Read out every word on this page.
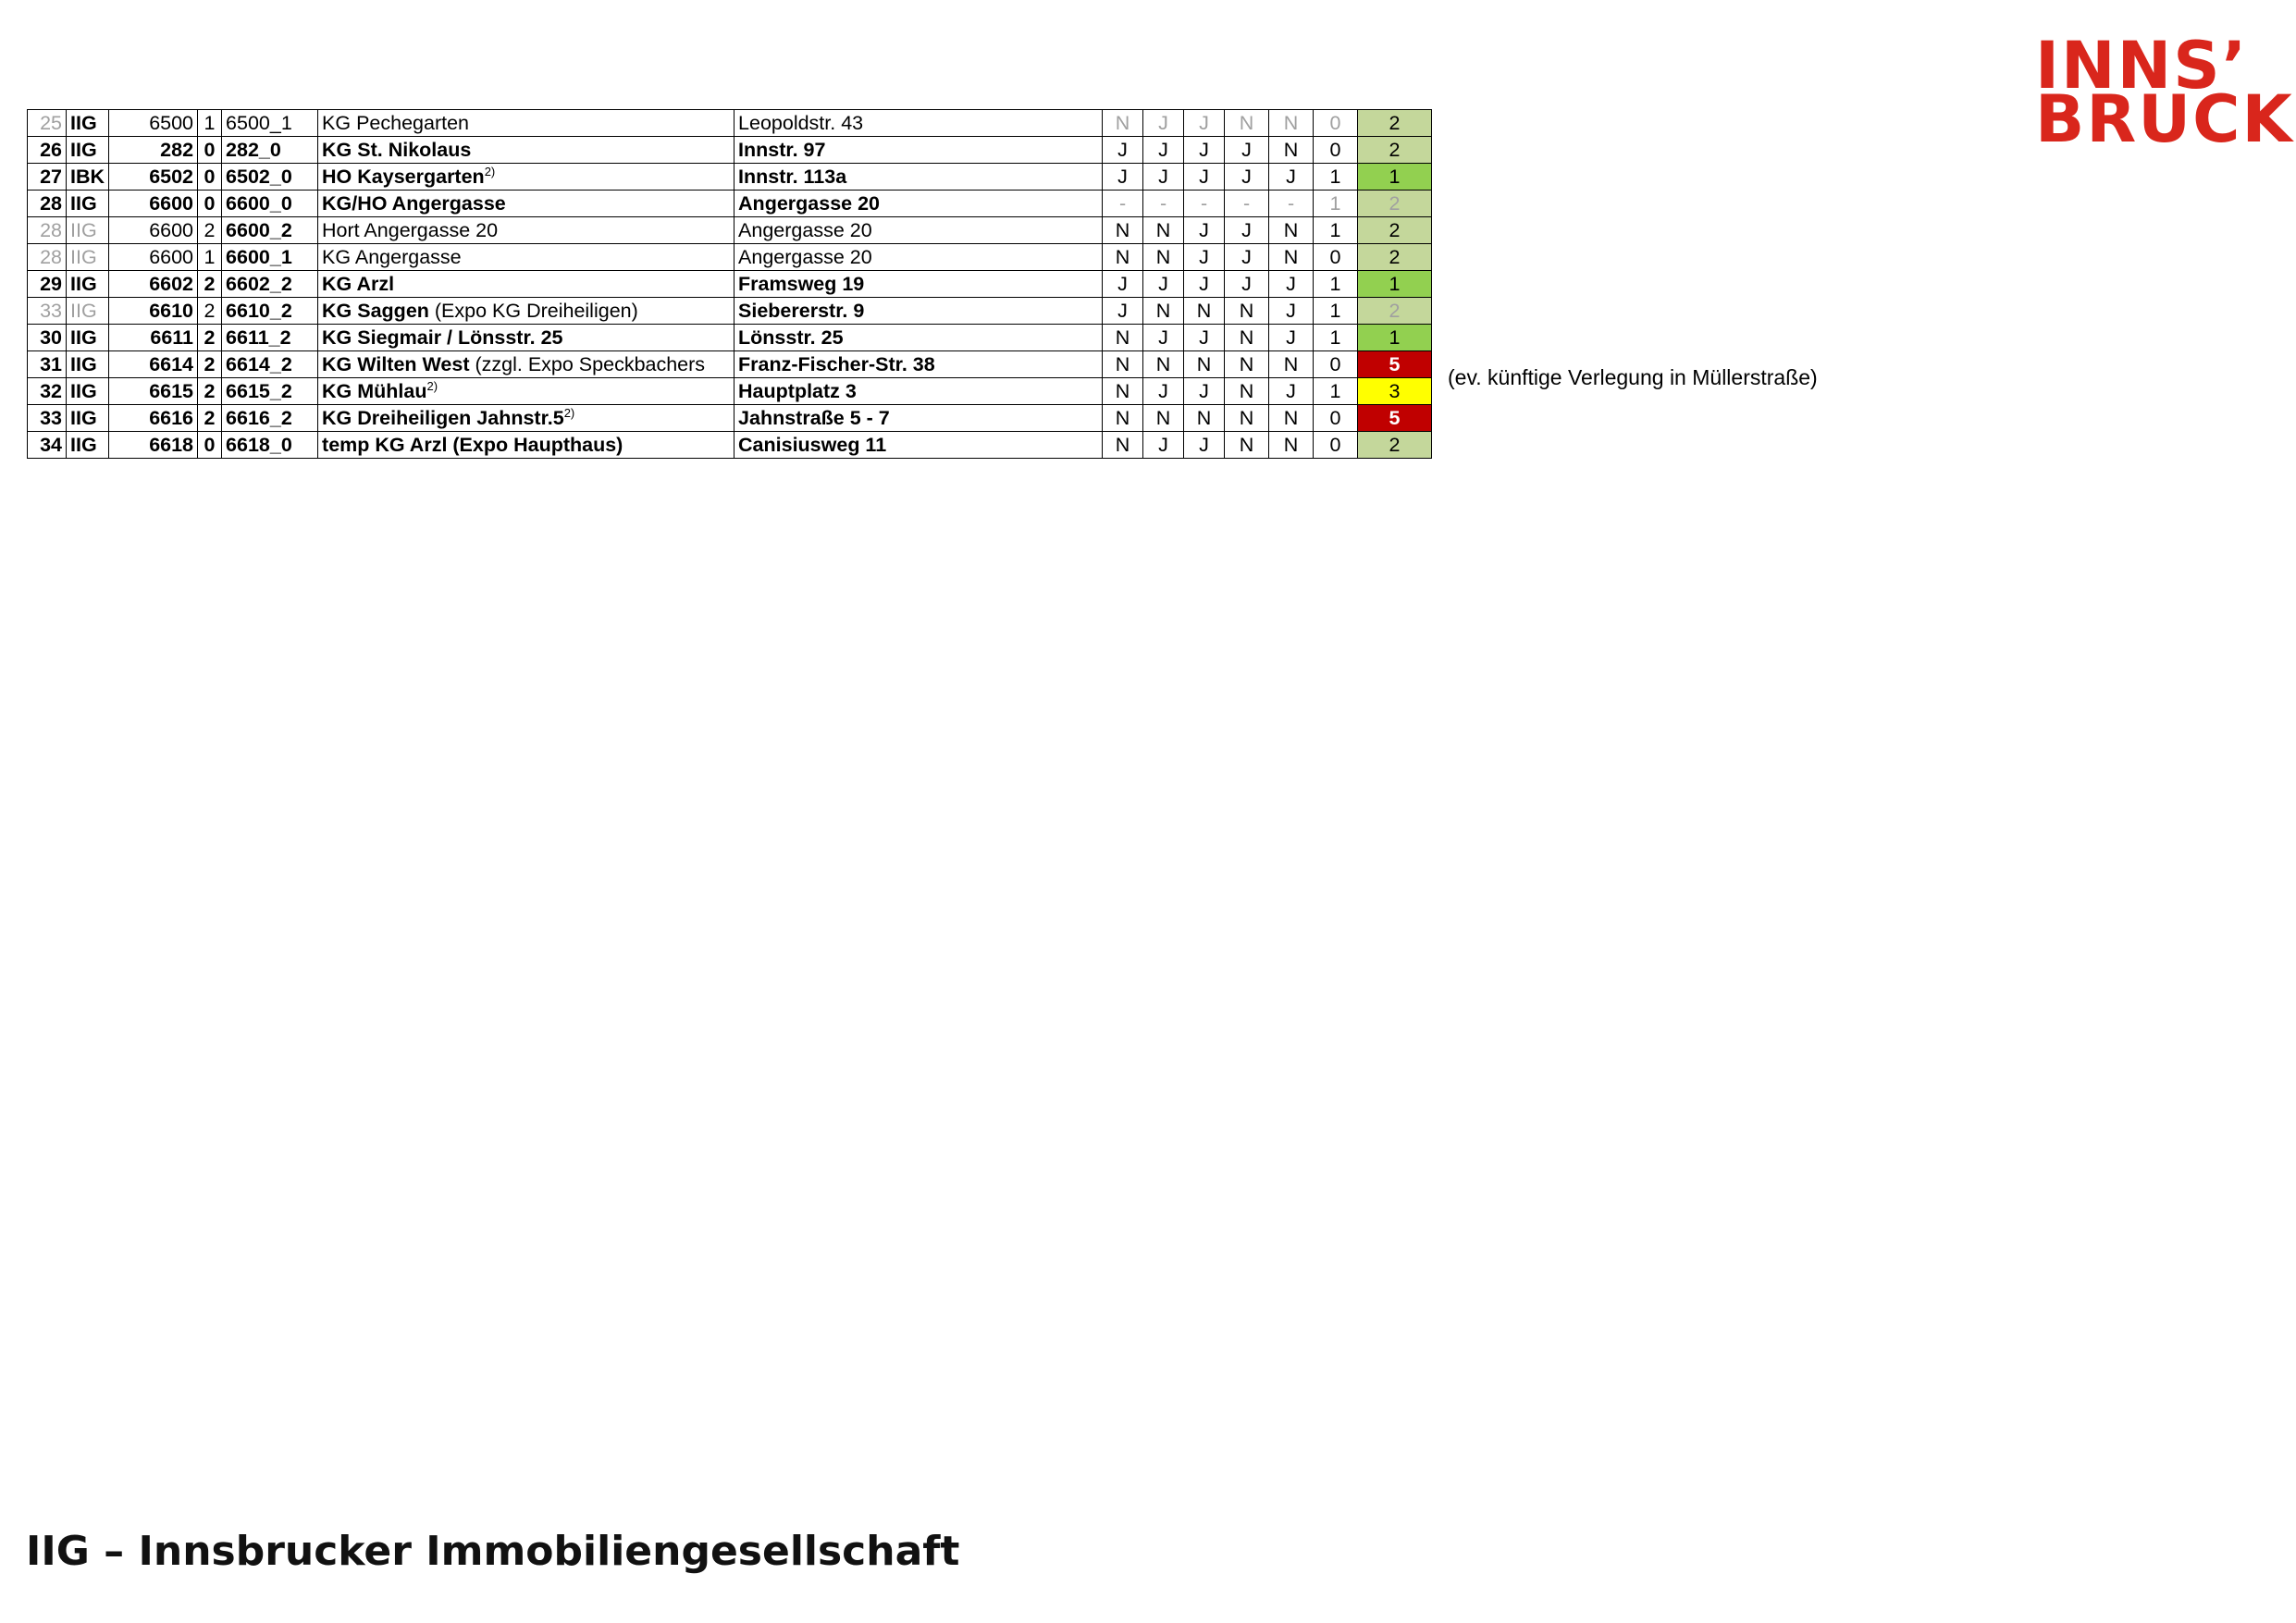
INNS’
BRUCK
25	IIG	6500	1	6500_1	KG Pechegarten	Leopoldstr. 43	N	J	J	N	N	0	2
26	IIG	282	0	282_0	KG St. Nikolaus	Innstr. 97	J	J	J	J	N	0	2
27	IBK	6502	0	6502_0	HO Kaysergarten$^{2)}$	Innstr. 113a	J	J	J	J	J	1	1
28	IIG	6600	0	6600_0	KG/HO Angergasse	Angergasse 20	-	-	-	-	-	1	2
28	IIG	6600	2	6600_2	Hort Angergasse 20	Angergasse 20	N	N	J	J	N	1	2
28	IIG	6600	1	6600_1	KG Angergasse	Angergasse 20	N	N	J	J	N	0	2
29	IIG	6602	2	6602_2	KG Arzl	Framsweg 19	J	J	J	J	J	1	1
33	IIG	6610	2	6610_2	KG Saggen (Expo KG Dreiheiligen)	Siebererstr. 9	J	N	N	N	J	1	2
30	IIG	6611	2	6611_2	KG Siegmair / Lönsstr. 25	Lönsstr. 25	N	J	J	N	J	1	1
31	IIG	6614	2	6614_2	KG Wilten West (zzgl. Expo Speckbachers	Franz-Fischer-Str. 38	N	N	N	N	N	0	5
32	IIG	6615	2	6615_2	KG Mühlau$^{2)}$	Hauptplatz 3	N	J	J	N	J	1	3
33	IIG	6616	2	6616_2	KG Dreiheiligen Jahnstr.5$^{2)}$	Jahnstraße 5 - 7	N	N	N	N	N	0	5
34	IIG	6618	0	6618_0	temp KG Arzl (Expo Haupthaus)	Canisiusweg 11	N	J	J	N	N	0	2
(ev. künftige Verlegung in Müllerstraße)
IIG – Innsbrucker Immobiliengesellschaft
